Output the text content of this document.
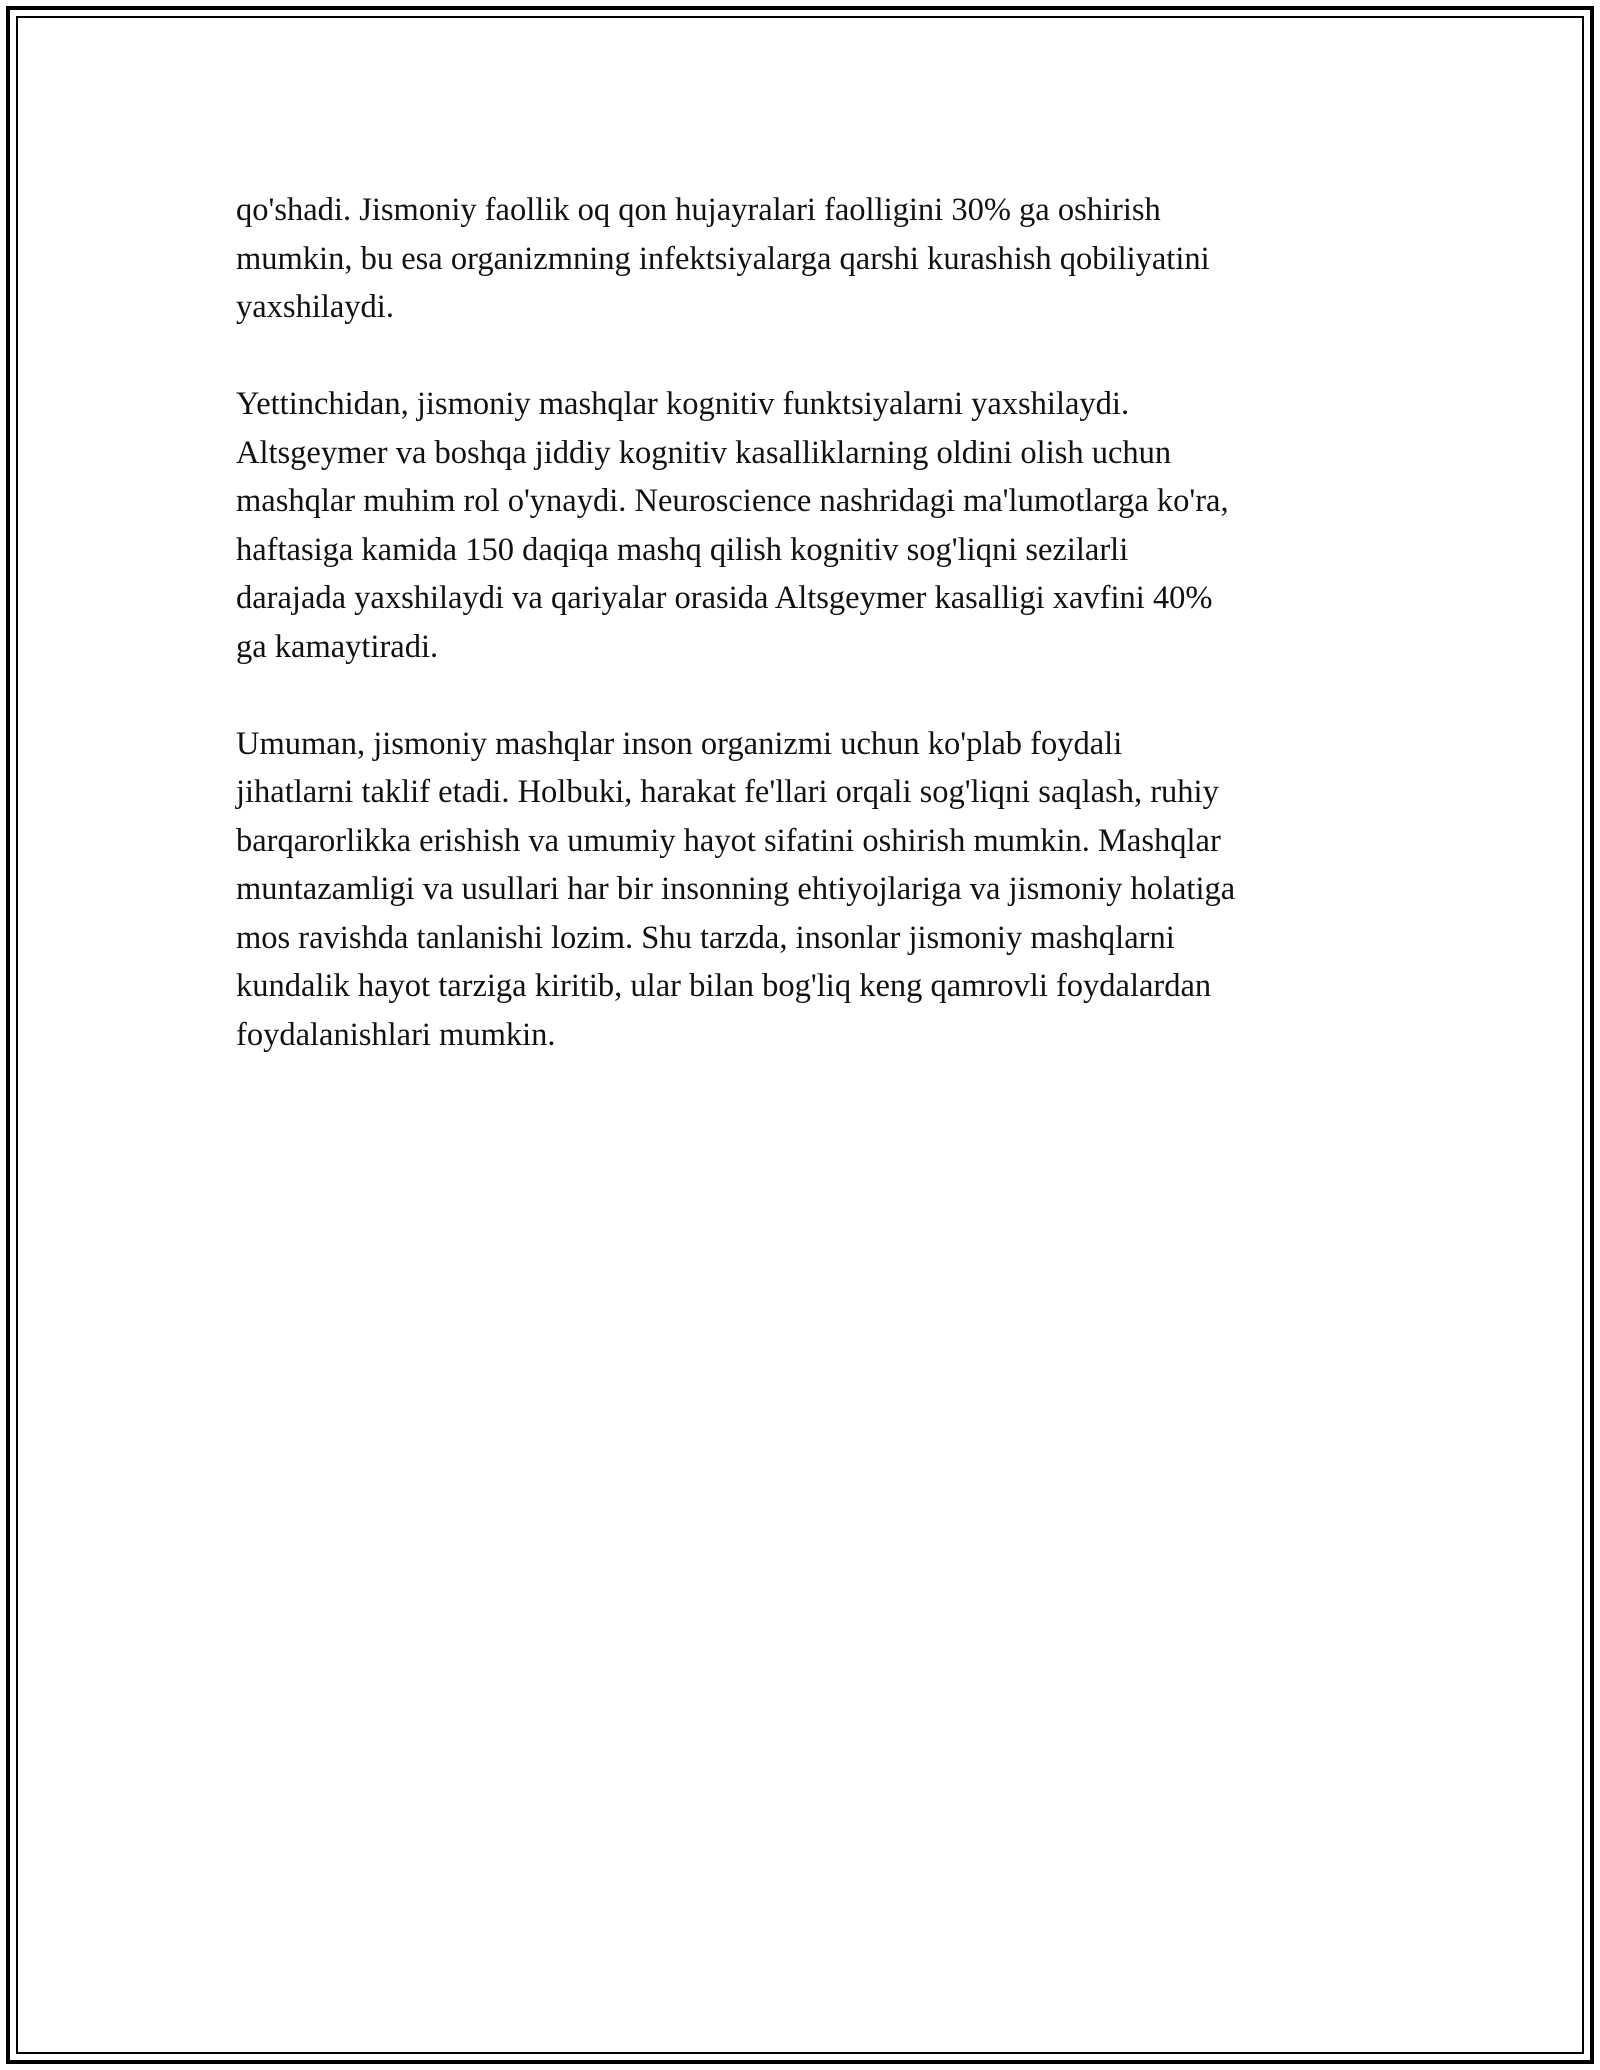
qo'shadi. Jismoniy faollik oq qon hujayralari faolligini 30% ga oshirish
mumkin, bu esa organizmning infektsiyalarga qarshi kurashish qobiliyatini
yaxshilaydi.

Yettinchidan, jismoniy mashqlar kognitiv funktsiyalarni yaxshilaydi.
Altsgeymer va boshqa jiddiy kognitiv kasalliklarning oldini olish uchun
mashqlar muhim rol o'ynaydi. Neuroscience nashridagi ma'lumotlarga ko'ra,
haftasiga kamida 150 daqiqa mashq qilish kognitiv sog'liqni sezilarli
darajada yaxshilaydi va qariyalar orasida Altsgeymer kasalligi xavfini 40%
ga kamaytiradi.

Umuman, jismoniy mashqlar inson organizmi uchun ko'plab foydali
jihatlarni taklif etadi. Holbuki, harakat fe'llari orqali sog'liqni saqlash, ruhiy
barqarorlikka erishish va umumiy hayot sifatini oshirish mumkin. Mashqlar
muntazamligi va usullari har bir insonning ehtiyojlariga va jismoniy holatiga
mos ravishda tanlanishi lozim. Shu tarzda, insonlar jismoniy mashqlarni
kundalik hayot tarziga kiritib, ular bilan bog'liq keng qamrovli foydalardan
foydalanishlari mumkin.
